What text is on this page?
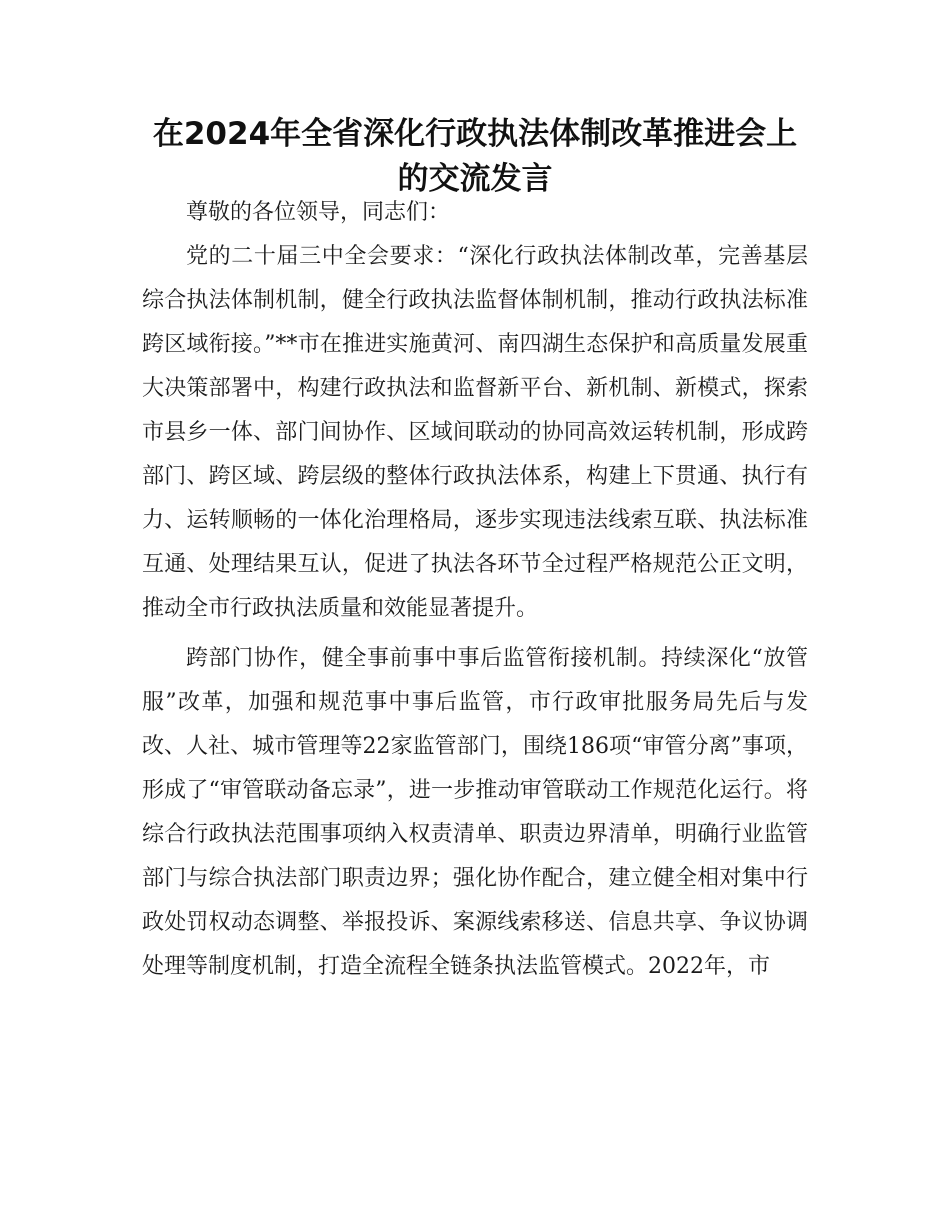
在2024年全省深化行政执法体制改革推进会上的交流发言

尊敬的各位领导，同志们：

党的二十届三中全会要求：“深化行政执法体制改革，完善基层综合执法体制机制，健全行政执法监督体制机制，推动行政执法标准跨区域衔接。”**市在推进实施黄河、南四湖生态保护和高质量发展重大决策部署中，构建行政执法和监督新平台、新机制、新模式，探索市县乡一体、部门间协作、区域间联动的协同高效运转机制，形成跨部门、跨区域、跨层级的整体行政执法体系，构建上下贯通、执行有力、运转顺畅的一体化治理格局，逐步实现违法线索互联、执法标准互通、处理结果互认，促进了执法各环节全过程严格规范公正文明，推动全市行政执法质量和效能显著提升。

跨部门协作，健全事前事中事后监管衔接机制。持续深化“放管服”改革，加强和规范事中事后监管，市行政审批服务局先后与发改、人社、城市管理等22家监管部门，围绕186项“审管分离”事项，形成了“审管联动备忘录”，进一步推动审管联动工作规范化运行。将综合行政执法范围事项纳入权责清单、职责边界清单，明确行业监管部门与综合执法部门职责边界；强化协作配合，建立健全相对集中行政处罚权动态调整、举报投诉、案源线索移送、信息共享、争议协调处理等制度机制，打造全流程全链条执法监管模式。2022年，市
